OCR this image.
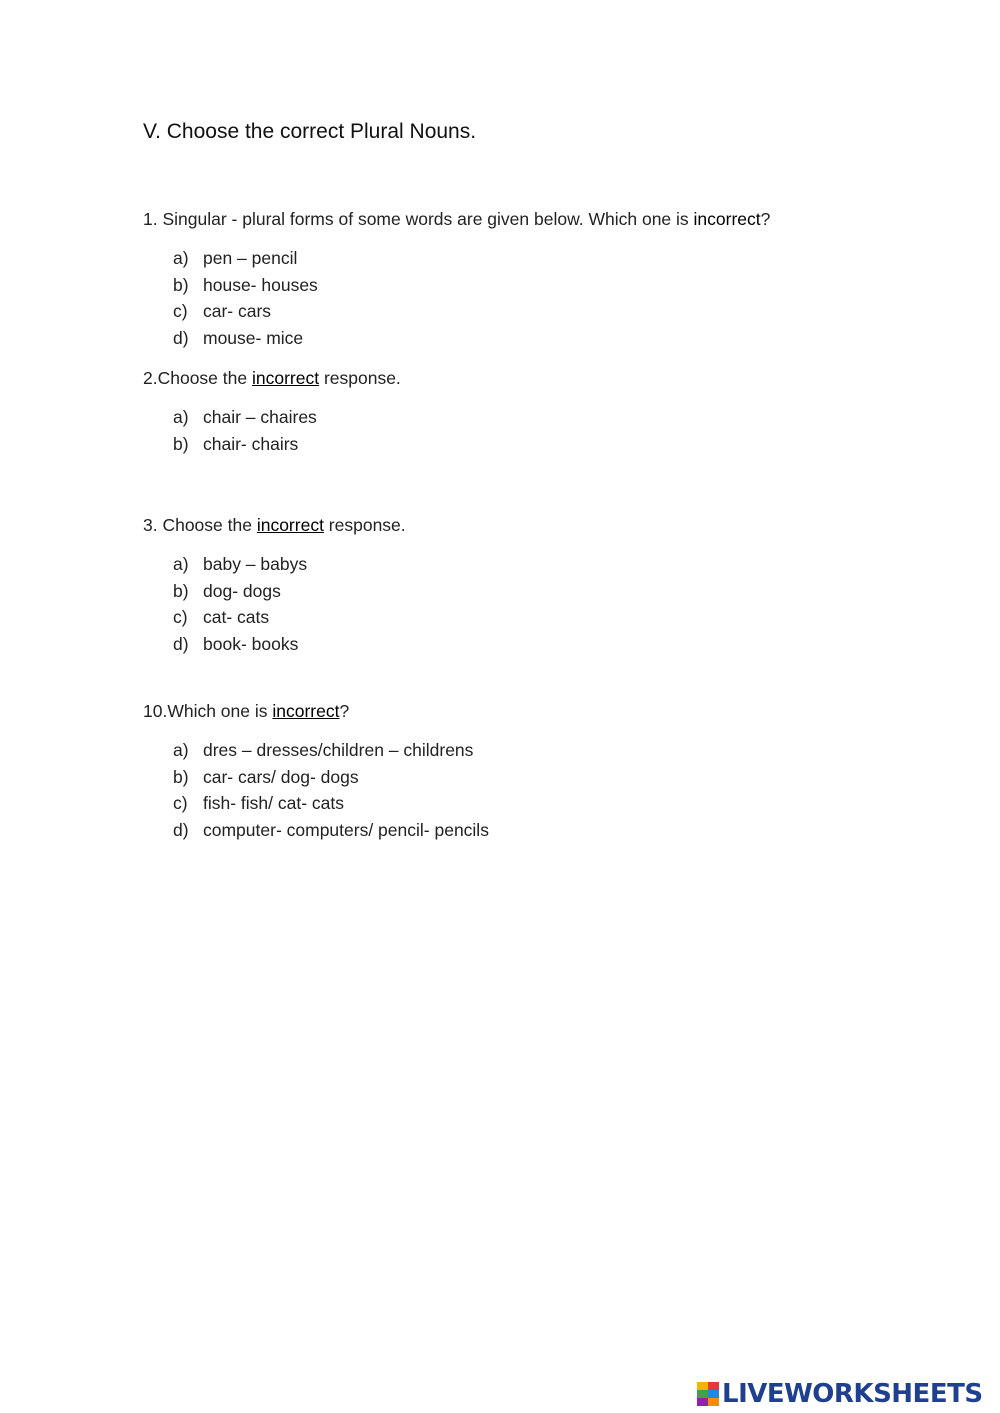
V. Choose the correct Plural Nouns.
1. Singular - plural forms of some words are given below. Which one is incorrect?
a) pen – pencil
b) house- houses
c) car- cars
d) mouse- mice
2.Choose the incorrect response.
a) chair – chaires
b) chair- chairs
3. Choose the incorrect response.
a) baby – babys
b) dog- dogs
c) cat- cats
d) book- books
10.Which one is incorrect?
a) dres – dresses/children – childrens
b) car- cars/ dog- dogs
c) fish- fish/ cat- cats
d) computer- computers/ pencil- pencils
LIVEWORKSHEETS
